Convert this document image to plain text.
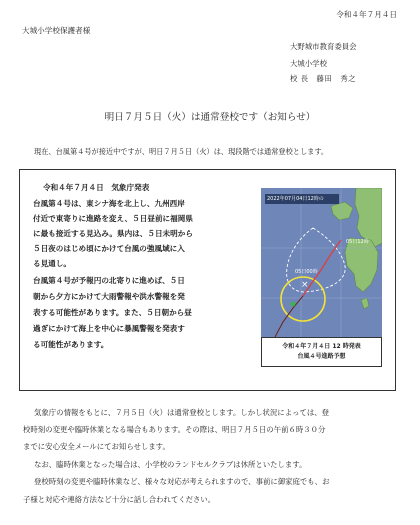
令和４年７月４日
大城小学校保護者様
大野城市教育委員会
大城小学校
校 長　藤田　秀之
明日７月５日（火）は通常登校です（お知らせ）
現在、台風第４号が接近中ですが、明日７月５日（火）は、現段階では通常登校とします。
令和４年７月４日　気象庁発表
台風第４号は、東シナ海を北上し、九州西岸
付近で東寄りに進路を変え、５日昼前に福岡県
に最も接近する見込み。県内は、５日未明から
５日夜のはじめ頃にかけて台風の強風域に入
る見通し。
台風第４号が予報円の北寄りに進めば、５日
朝から夕方にかけて大雨警報や洪水警報を発
表する可能性があります。また、５日朝から昼
過ぎにかけて海上を中心に暴風警報を発表す
る可能性があります。
×
2022年07月04日12時の
05日12時
05日00時
令和４年７月４日 12 時発表
台風４号進路予想
気象庁の情報をもとに、７月５日（火）は通常登校とします。しかし状況によっては、登
校時刻の変更や臨時休業となる場合もあります。その際は、明日７月５日の午前６時３０分
までに安心安全メールにてお知らせします。
なお、臨時休業となった場合は、小学校のランドセルクラブは休所といたします。
登校時刻の変更や臨時休業など、様々な対応が考えられますので、事前に御家庭でも、お
子様と対応や連絡方法など十分に話し合われてください。
